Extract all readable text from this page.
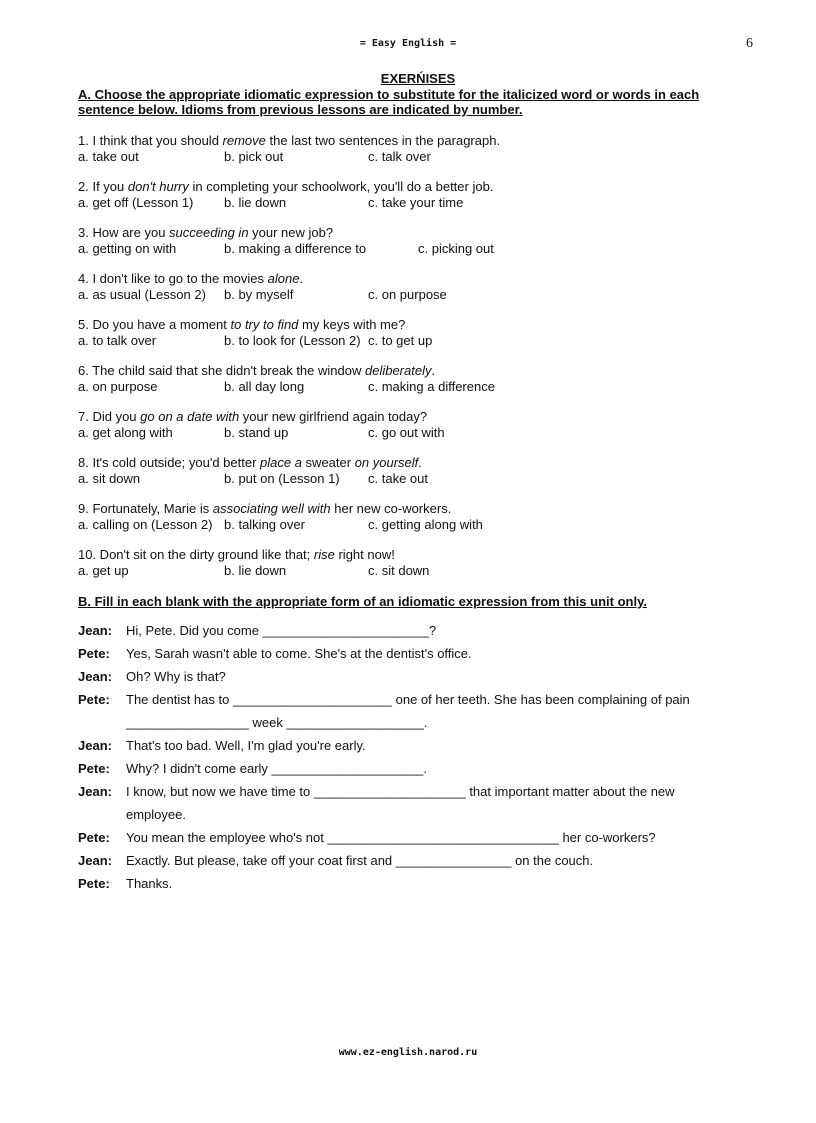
= Easy English =	6
EXERŃISES
A. Choose the appropriate idiomatic expression to substitute for the italicized word or words in each sentence below. Idioms from previous lessons are indicated by number.
1. I think that you should remove the last two sentences in the paragraph.
a. take out	b. pick out	c. talk over
2. If you don't hurry in completing your schoolwork, you'll do a better job.
a. get off (Lesson 1) b. lie down	c. take your time
3. How are you succeeding in your new job?
a. getting on with	b. making a difference to	c. picking out
4. I don't like to go to the movies alone.
a. as usual (Lesson 2) b. by myself	c. on purpose
5. Do you have a moment to try to find my keys with me?
a. to talk over	b. to look for (Lesson 2) c. to get up
6. The child said that she didn't break the window deliberately.
a. on purpose	b. all day long	c. making a difference
7. Did you go on a date with your new girlfriend again today?
a. get along with	b. stand up	c. go out with
8. It's cold outside; you'd better place a sweater on yourself.
a. sit down	b. put on (Lesson 1) c. take out
9. Fortunately, Marie is associating well with her new co-workers.
a. calling on (Lesson 2) b. talking over	c. getting along with
10. Don't sit on the dirty ground like that; rise right now!
a. get up	b. lie down	c. sit down
B. Fill in each blank with the appropriate form of an idiomatic expression from this unit only.
Jean: Hi, Pete. Did you come _______________________?
Pete: Yes, Sarah wasn't able to come. She's at the dentist's office.
Jean: Oh? Why is that?
Pete: The dentist has to ______________________ one of her teeth. She has been complaining of pain
_________________ week ___________________.
Jean: That's too bad. Well, I'm glad you're early.
Pete: Why? I didn't come early _____________________.
Jean: I know, but now we have time to _____________________ that important matter about the new
employee.
Pete: You mean the employee who's not ________________________________ her co-workers?
Jean: Exactly. But please, take off your coat first and ________________ on the couch.
Pete: Thanks.
www.ez-english.narod.ru
